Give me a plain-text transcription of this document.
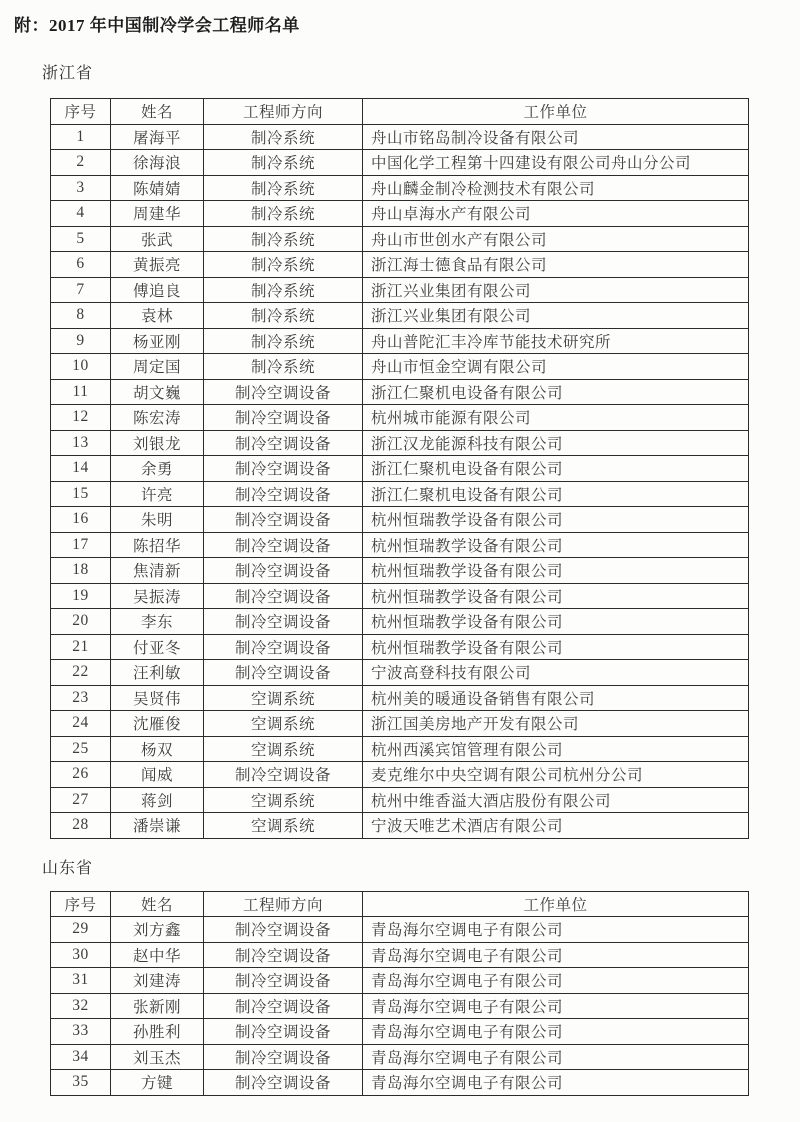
附：2017 年中国制冷学会工程师名单
浙江省
序号	姓名	工程师方向	工作单位
1	屠海平	制冷系统	舟山市铭岛制冷设备有限公司
2	徐海浪	制冷系统	中国化学工程第十四建设有限公司舟山分公司
3	陈婧婧	制冷系统	舟山麟金制冷检测技术有限公司
4	周建华	制冷系统	舟山卓海水产有限公司
5	张武	制冷系统	舟山市世创水产有限公司
6	黄振亮	制冷系统	浙江海士德食品有限公司
7	傅追良	制冷系统	浙江兴业集团有限公司
8	袁林	制冷系统	浙江兴业集团有限公司
9	杨亚刚	制冷系统	舟山普陀汇丰冷库节能技术研究所
10	周定国	制冷系统	舟山市恒金空调有限公司
11	胡文巍	制冷空调设备	浙江仁聚机电设备有限公司
12	陈宏涛	制冷空调设备	杭州城市能源有限公司
13	刘银龙	制冷空调设备	浙江汉龙能源科技有限公司
14	余勇	制冷空调设备	浙江仁聚机电设备有限公司
15	许亮	制冷空调设备	浙江仁聚机电设备有限公司
16	朱明	制冷空调设备	杭州恒瑞教学设备有限公司
17	陈招华	制冷空调设备	杭州恒瑞教学设备有限公司
18	焦清新	制冷空调设备	杭州恒瑞教学设备有限公司
19	吴振涛	制冷空调设备	杭州恒瑞教学设备有限公司
20	李东	制冷空调设备	杭州恒瑞教学设备有限公司
21	付亚冬	制冷空调设备	杭州恒瑞教学设备有限公司
22	汪利敏	制冷空调设备	宁波高登科技有限公司
23	吴贤伟	空调系统	杭州美的暖通设备销售有限公司
24	沈雁俊	空调系统	浙江国美房地产开发有限公司
25	杨双	空调系统	杭州西溪宾馆管理有限公司
26	闻威	制冷空调设备	麦克维尔中央空调有限公司杭州分公司
27	蒋剑	空调系统	杭州中维香溢大酒店股份有限公司
28	潘崇谦	空调系统	宁波天唯艺术酒店有限公司
山东省
序号	姓名	工程师方向	工作单位
29	刘方鑫	制冷空调设备	青岛海尔空调电子有限公司
30	赵中华	制冷空调设备	青岛海尔空调电子有限公司
31	刘建涛	制冷空调设备	青岛海尔空调电子有限公司
32	张新刚	制冷空调设备	青岛海尔空调电子有限公司
33	孙胜利	制冷空调设备	青岛海尔空调电子有限公司
34	刘玉杰	制冷空调设备	青岛海尔空调电子有限公司
35	方键	制冷空调设备	青岛海尔空调电子有限公司
